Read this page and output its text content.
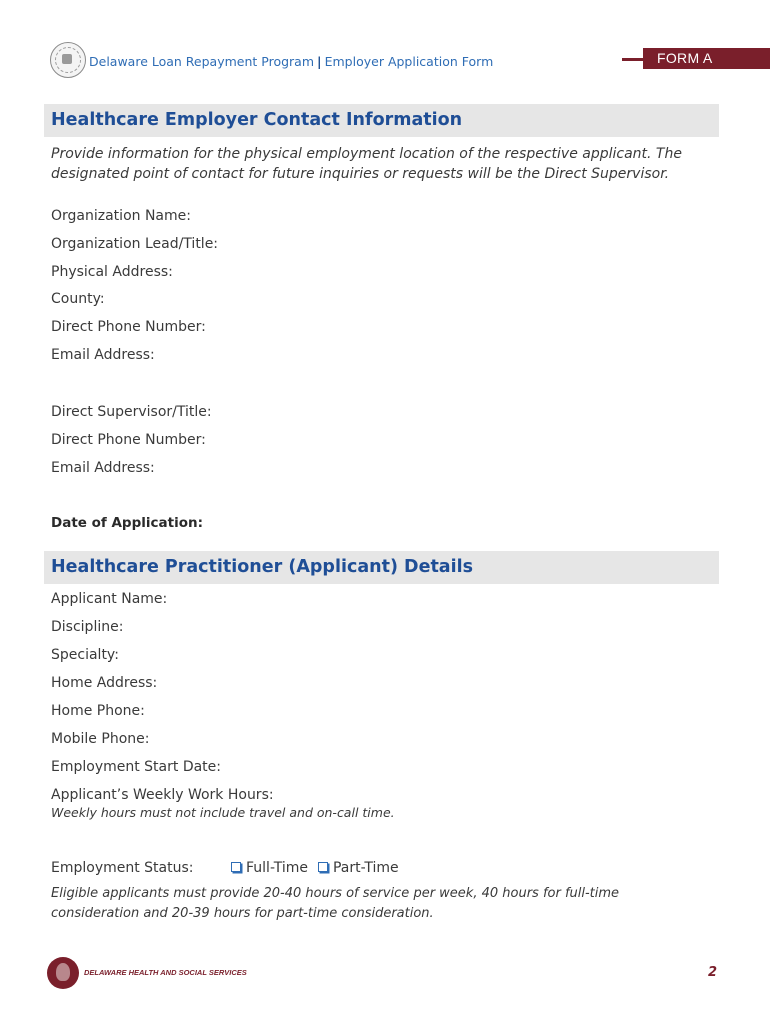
Delaware Loan Repayment Program | Employer Application Form	FORM A
Healthcare Employer Contact Information
Provide information for the physical employment location of the respective applicant. The designated point of contact for future inquiries or requests will be the Direct Supervisor.
Organization Name:
Organization Lead/Title:
Physical Address:
County:
Direct Phone Number:
Email Address:
Direct Supervisor/Title:
Direct Phone Number:
Email Address:
Date of Application:
Healthcare Practitioner (Applicant) Details
Applicant Name:
Discipline:
Specialty:
Home Address:
Home Phone:
Mobile Phone:
Employment Start Date:
Applicant’s Weekly Work Hours:
Weekly hours must not include travel and on-call time.
Employment Status:	Full-Time Part-Time
Eligible applicants must provide 20-40 hours of service per week, 40 hours for full-time consideration and 20-39 hours for part-time consideration.
DELAWARE HEALTH AND SOCIAL SERVICES	2
